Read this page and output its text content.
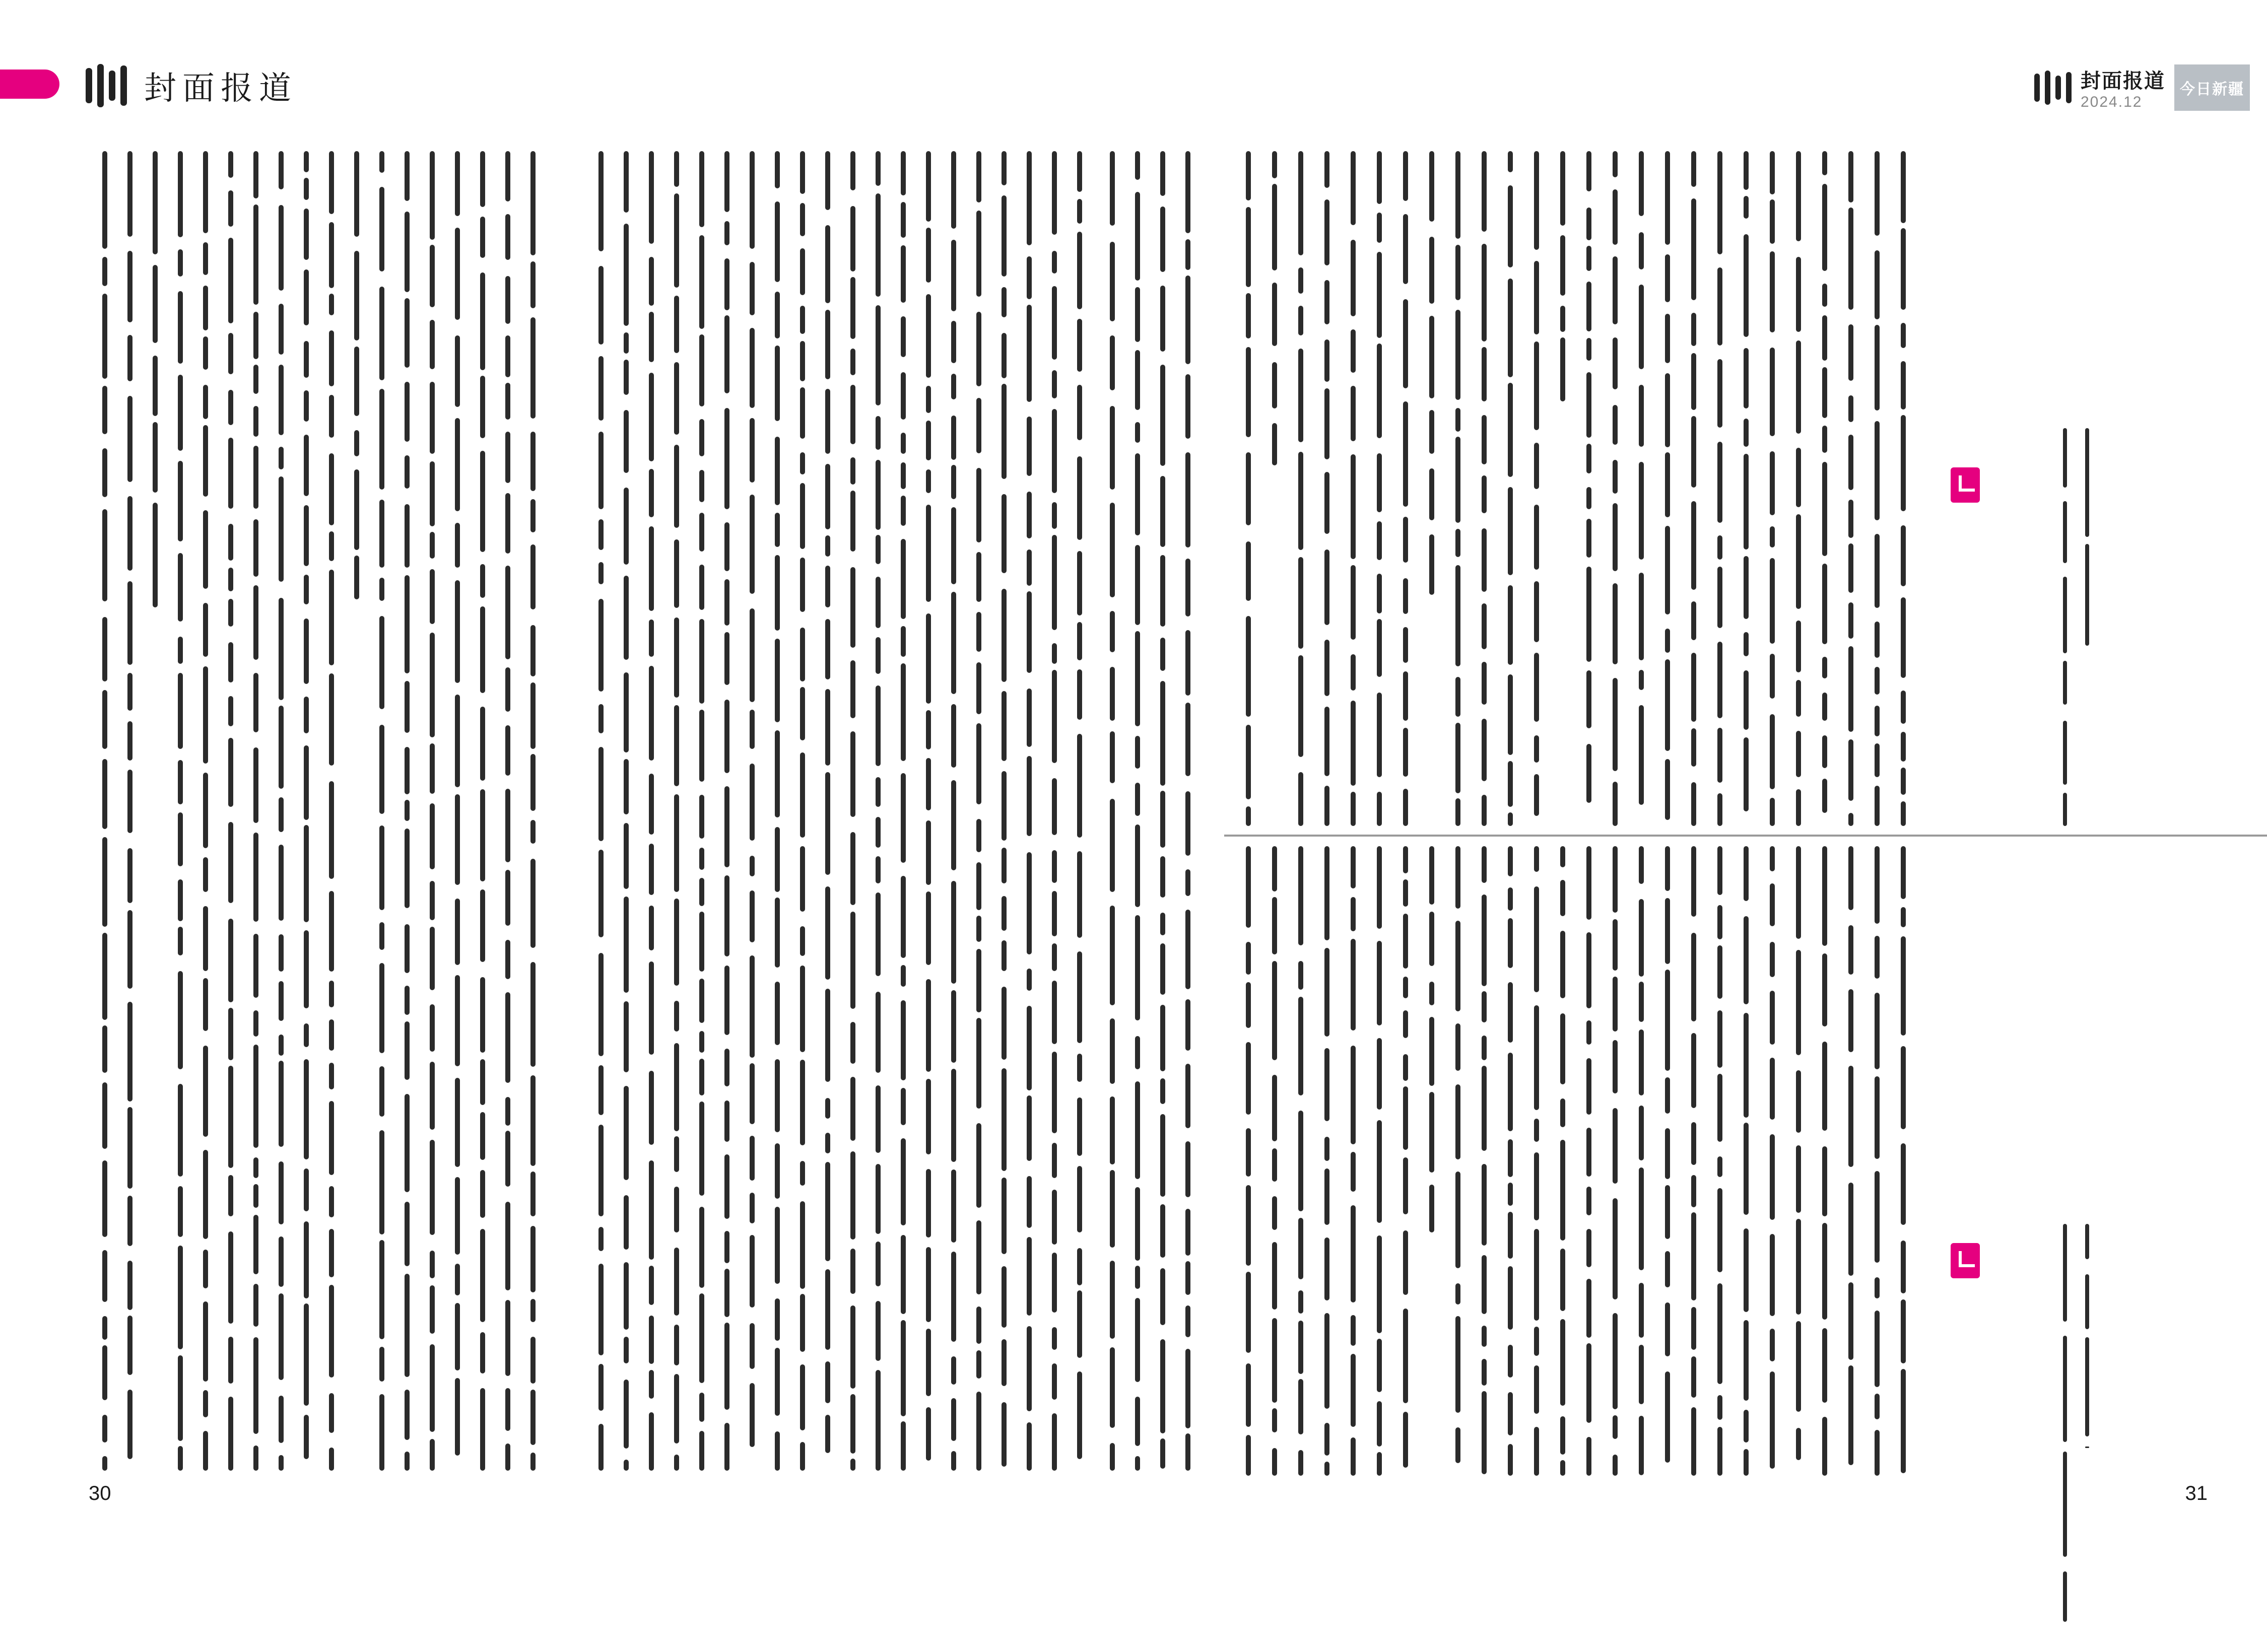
封面报道	封面报道
2024.12
今日新疆
30	31
